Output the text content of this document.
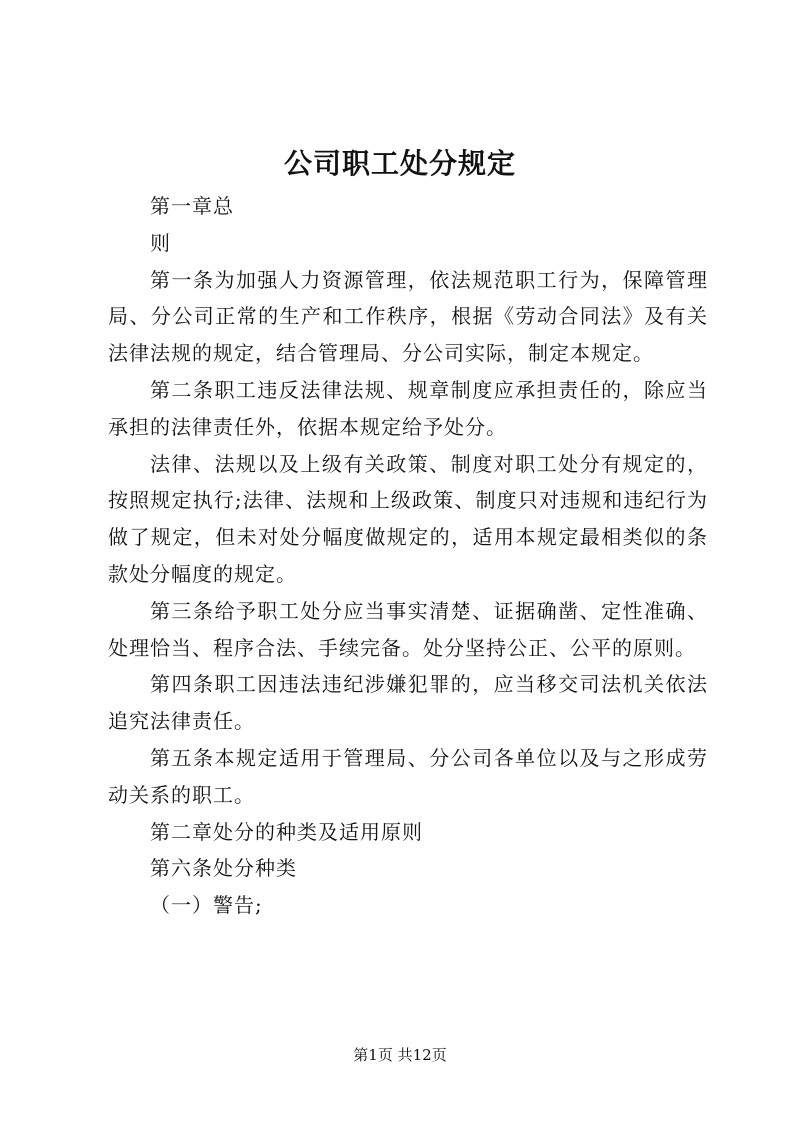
公司职工处分规定

第一章总

则

第一条为加强人力资源管理，依法规范职工行为，保障管理局、分公司正常的生产和工作秩序，根据《劳动合同法》及有关法律法规的规定，结合管理局、分公司实际，制定本规定。

第二条职工违反法律法规、规章制度应承担责任的，除应当承担的法律责任外，依据本规定给予处分。

法律、法规以及上级有关政策、制度对职工处分有规定的，按照规定执行;法律、法规和上级政策、制度只对违规和违纪行为做了规定，但未对处分幅度做规定的，适用本规定最相类似的条款处分幅度的规定。

第三条给予职工处分应当事实清楚、证据确凿、定性准确、处理恰当、程序合法、手续完备。处分坚持公正、公平的原则。

第四条职工因违法违纪涉嫌犯罪的，应当移交司法机关依法追究法律责任。

第五条本规定适用于管理局、分公司各单位以及与之形成劳动关系的职工。

第二章处分的种类及适用原则

第六条处分种类

（一）警告;

第1页 共12页
